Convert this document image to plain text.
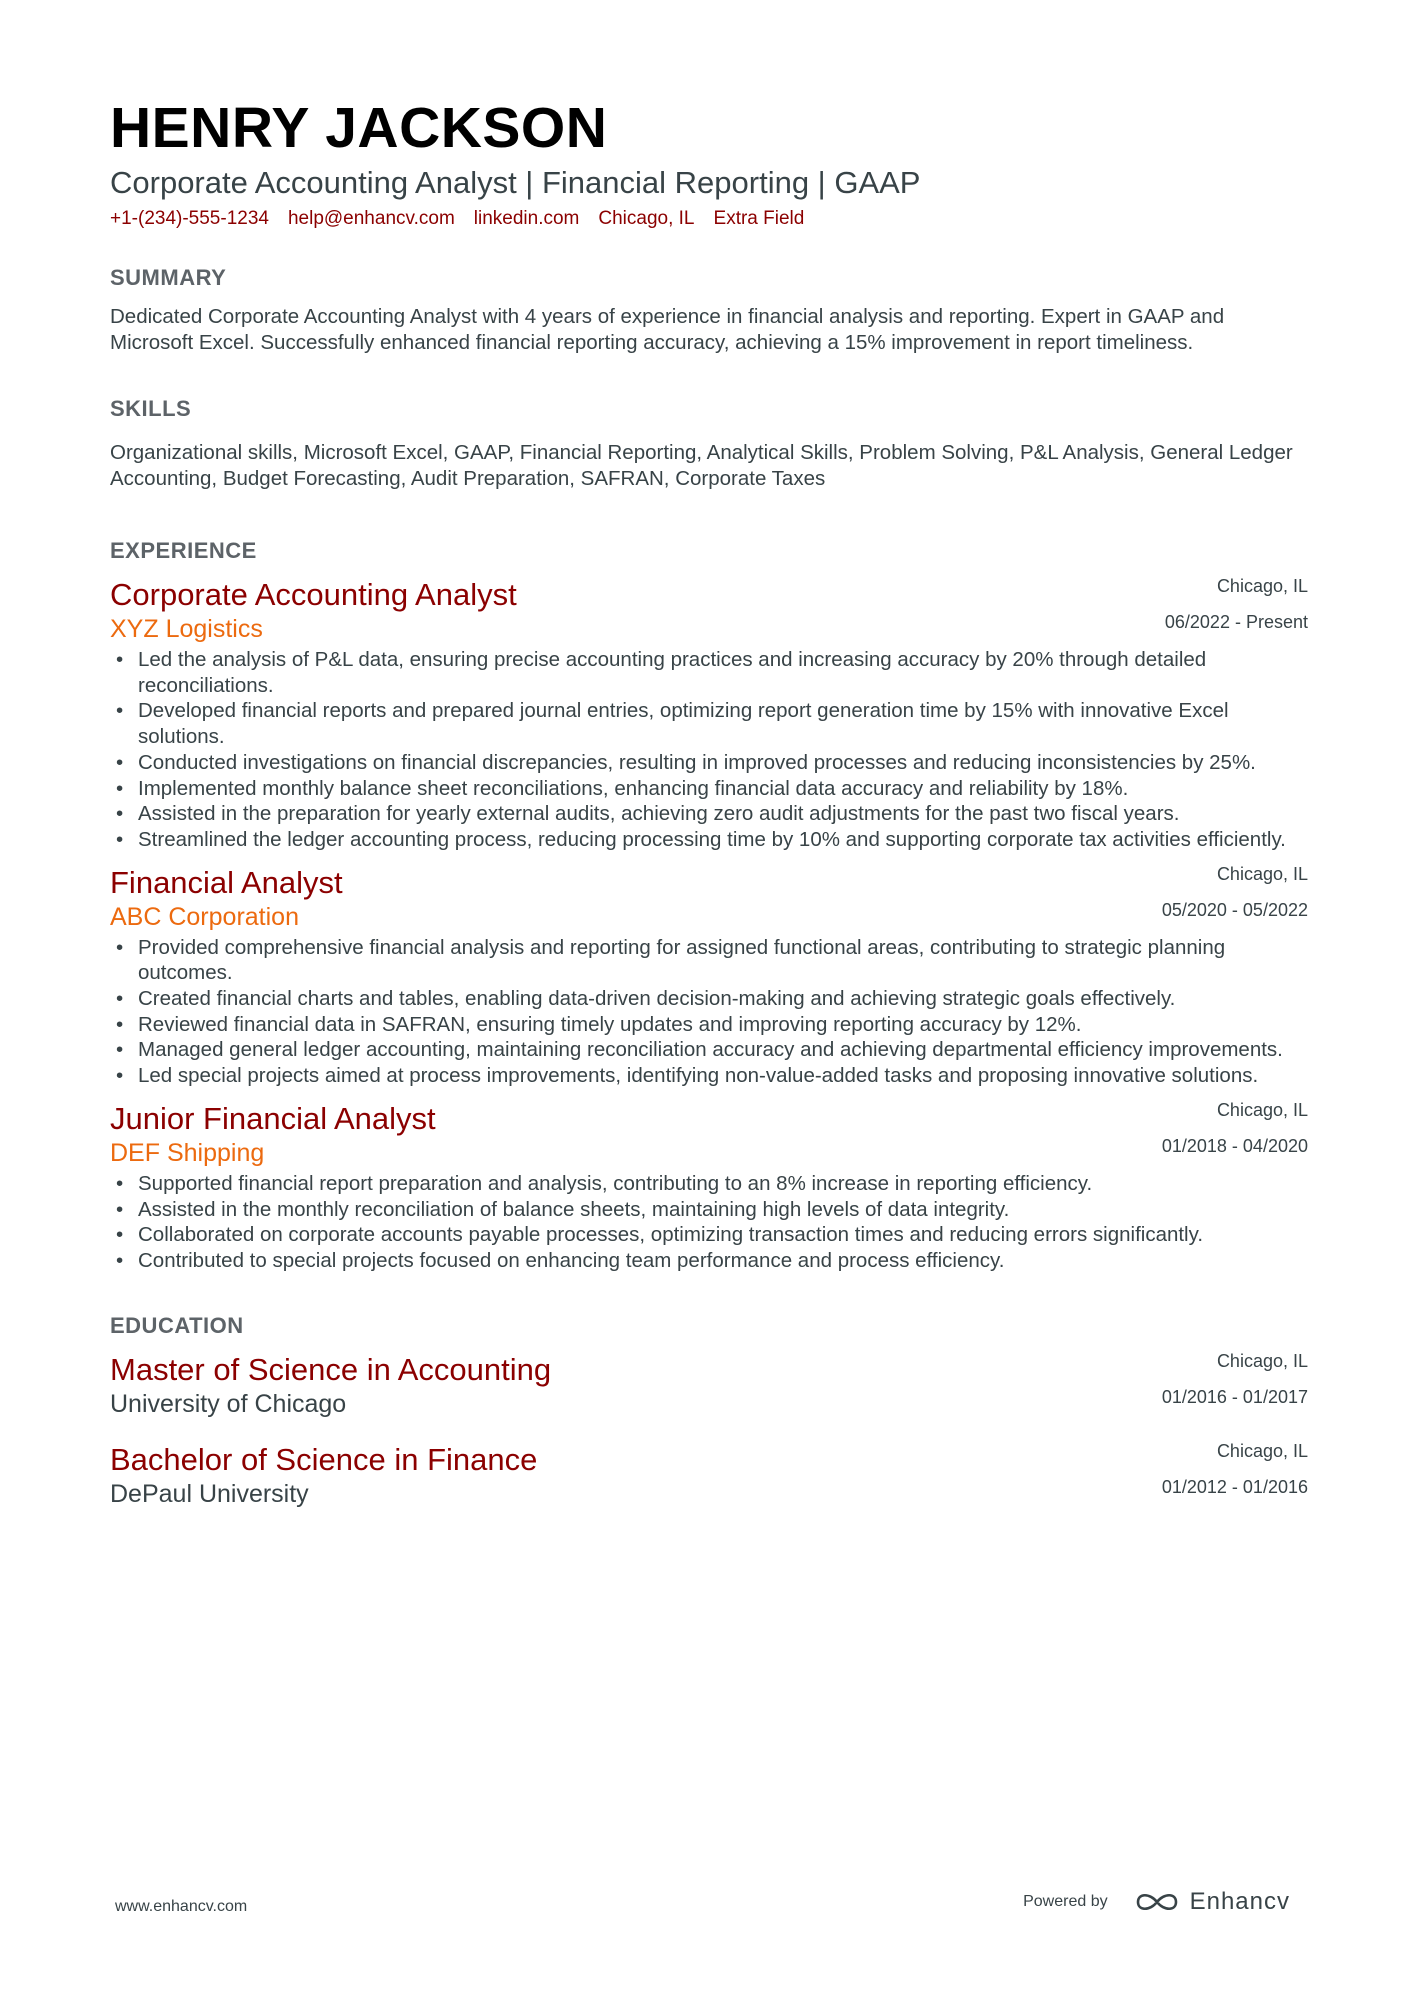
HENRY JACKSON
Corporate Accounting Analyst | Financial Reporting | GAAP
+1-(234)-555-1234 help@enhancv.com linkedin.com Chicago, IL Extra Field
SUMMARY
Dedicated Corporate Accounting Analyst with 4 years of experience in financial analysis and reporting. Expert in GAAP and Microsoft Excel. Successfully enhanced financial reporting accuracy, achieving a 15% improvement in report timeliness.
SKILLS
Organizational skills, Microsoft Excel, GAAP, Financial Reporting, Analytical Skills, Problem Solving, P&L Analysis, General Ledger Accounting, Budget Forecasting, Audit Preparation, SAFRAN, Corporate Taxes
EXPERIENCE
Corporate Accounting Analyst
XYZ Logistics
Chicago, IL
06/2022 - Present
• Led the analysis of P&L data, ensuring precise accounting practices and increasing accuracy by 20% through detailed reconciliations.
• Developed financial reports and prepared journal entries, optimizing report generation time by 15% with innovative Excel solutions.
• Conducted investigations on financial discrepancies, resulting in improved processes and reducing inconsistencies by 25%.
• Implemented monthly balance sheet reconciliations, enhancing financial data accuracy and reliability by 18%.
• Assisted in the preparation for yearly external audits, achieving zero audit adjustments for the past two fiscal years.
• Streamlined the ledger accounting process, reducing processing time by 10% and supporting corporate tax activities efficiently.
Financial Analyst
ABC Corporation
Chicago, IL
05/2020 - 05/2022
• Provided comprehensive financial analysis and reporting for assigned functional areas, contributing to strategic planning outcomes.
• Created financial charts and tables, enabling data-driven decision-making and achieving strategic goals effectively.
• Reviewed financial data in SAFRAN, ensuring timely updates and improving reporting accuracy by 12%.
• Managed general ledger accounting, maintaining reconciliation accuracy and achieving departmental efficiency improvements.
• Led special projects aimed at process improvements, identifying non-value-added tasks and proposing innovative solutions.
Junior Financial Analyst
DEF Shipping
Chicago, IL
01/2018 - 04/2020
• Supported financial report preparation and analysis, contributing to an 8% increase in reporting efficiency.
• Assisted in the monthly reconciliation of balance sheets, maintaining high levels of data integrity.
• Collaborated on corporate accounts payable processes, optimizing transaction times and reducing errors significantly.
• Contributed to special projects focused on enhancing team performance and process efficiency.
EDUCATION
Master of Science in Accounting
University of Chicago
Chicago, IL
01/2016 - 01/2017
Bachelor of Science in Finance
DePaul University
Chicago, IL
01/2012 - 01/2016
www.enhancv.com	Powered by	Enhancv
